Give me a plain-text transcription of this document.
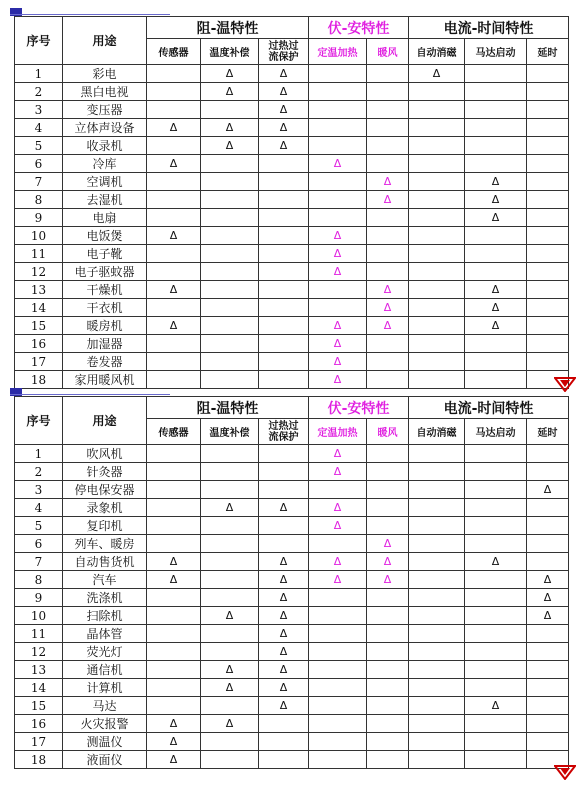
序号	用途	阻-温特性			伏-安特性		电流-时间特性		
		传感器	温度补偿	过热过
流保护	定温加热	暖风	自动消磁	马达启动	延时
1	彩电		Δ	Δ			Δ		
2	黑白电视		Δ	Δ					
3	变压器			Δ					
4	立体声设备	Δ	Δ	Δ					
5	收录机		Δ	Δ					
6	冷库	Δ			Δ				
7	空调机					Δ		Δ	
8	去湿机					Δ		Δ	
9	电扇							Δ	
10	电饭煲	Δ			Δ				
11	电子靴				Δ				
12	电子驱蚊器				Δ				
13	干燥机	Δ				Δ		Δ	
14	干衣机					Δ		Δ	
15	暖房机	Δ			Δ	Δ		Δ	
16	加湿器				Δ				
17	卷发器				Δ				
18	家用暖风机				Δ				
序号	用途	阻-温特性			伏-安特性		电流-时间特性		
		传感器	温度补偿	过热过
流保护	定温加热	暖风	自动消磁	马达启动	延时
1	吹风机				Δ				
2	针灸器				Δ				
3	停电保安器								Δ
4	录象机		Δ	Δ	Δ				
5	复印机				Δ				
6	列车、暖房					Δ			
7	自动售货机	Δ		Δ	Δ	Δ		Δ	
8	汽车	Δ		Δ	Δ	Δ			Δ
9	洗涤机			Δ					Δ
10	扫除机		Δ	Δ					Δ
11	晶体管			Δ					
12	荧光灯			Δ					
13	通信机		Δ	Δ					
14	计算机		Δ	Δ					
15	马达			Δ				Δ	
16	火灾报警	Δ	Δ						
17	测温仪	Δ							
18	液面仪	Δ							
